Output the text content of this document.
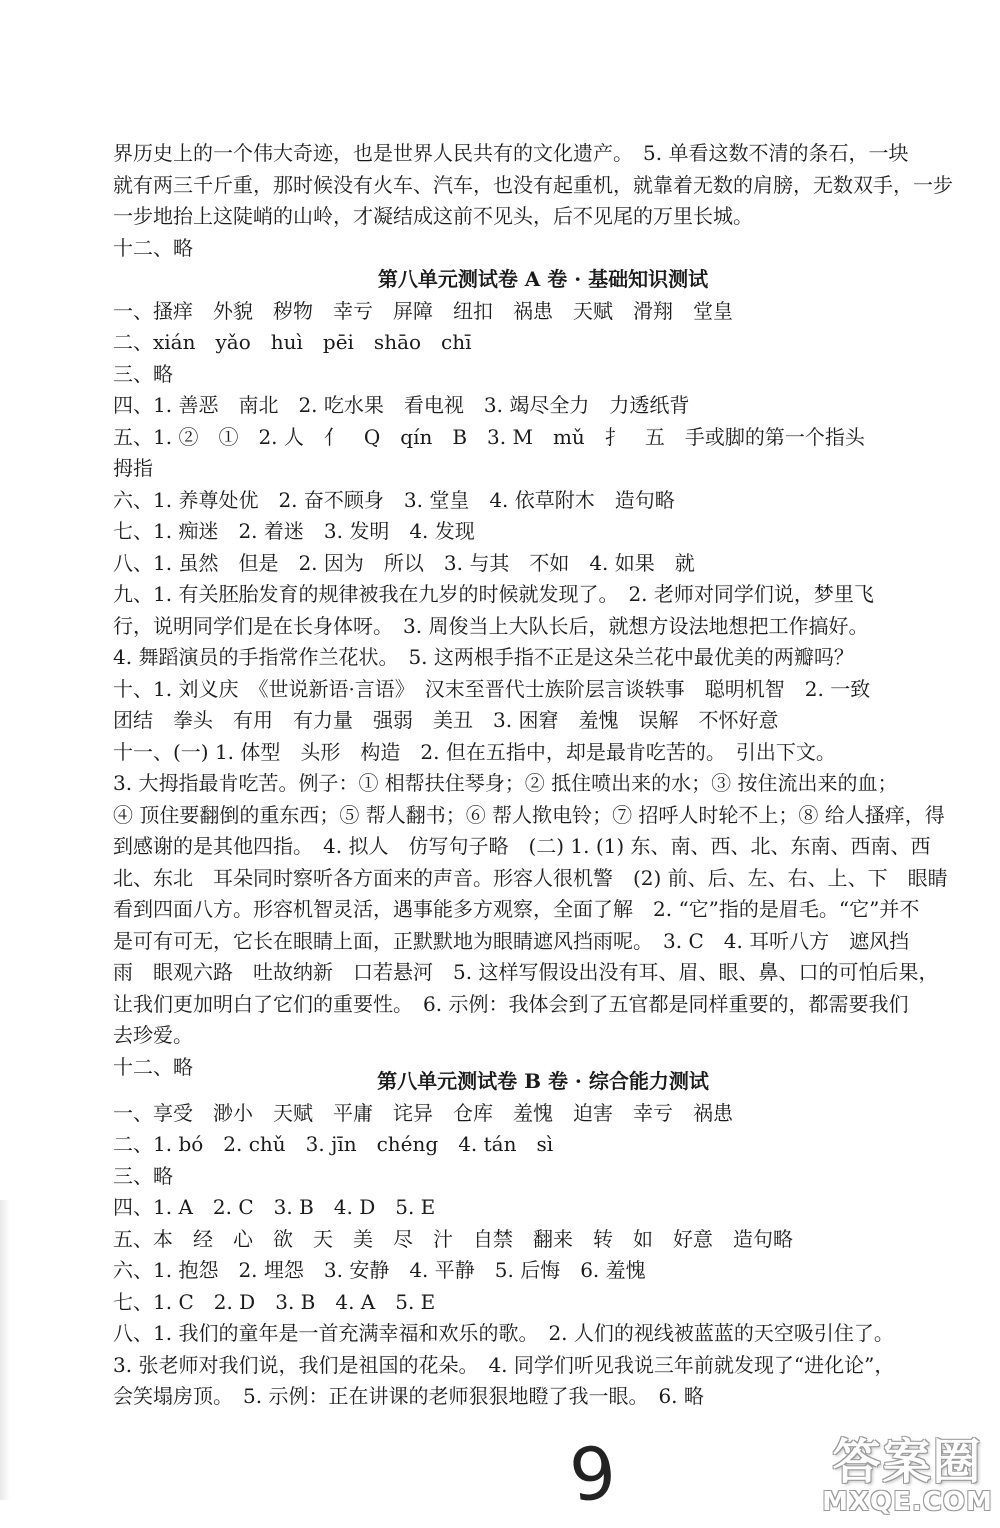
界历史上的一个伟大奇迹，也是世界人民共有的文化遗产。　5. 单看这数不清的条石，一块
就有两三千斤重，那时候没有火车、汽车，也没有起重机，就靠着无数的肩膀，无数双手，一步
一步地抬上这陡峭的山岭，才凝结成这前不见头，后不见尾的万里长城。
十二、略
第八单元测试卷 A 卷 · 基础知识测试
一、搔痒　外貌　秽物　幸亏　屏障　纽扣　祸患　天赋　滑翔　堂皇
二、xián　yǎo　huì　pēi　shāo　chī
三、略
四、1. 善恶　南北　2. 吃水果　看电视　3. 竭尽全力　力透纸背
五、1. ②　①　2. 人　亻　Q　qín　B　3. M　mǔ　扌　五　手或脚的第一个指头
拇指
六、1. 养尊处优　2. 奋不顾身　3. 堂皇　4. 依草附木　造句略
七、1. 痴迷　2. 着迷　3. 发明　4. 发现
八、1. 虽然　但是　2. 因为　所以　3. 与其　不如　4. 如果　就
九、1. 有关胚胎发育的规律被我在九岁的时候就发现了。　2. 老师对同学们说，梦里飞
行，说明同学们是在长身体呀。　3. 周俊当上大队长后，就想方设法地想把工作搞好。
4. 舞蹈演员的手指常作兰花状。　5. 这两根手指不正是这朵兰花中最优美的两瓣吗？
十、1. 刘义庆　《世说新语·言语》　汉末至晋代士族阶层言谈轶事　聪明机智　2. 一致
团结　拳头　有用　有力量　强弱　美丑　3. 困窘　羞愧　误解　不怀好意
十一、(一) 1. 体型　头形　构造　2. 但在五指中，却是最肯吃苦的。　引出下文。
3. 大拇指最肯吃苦。例子：① 相帮扶住琴身；② 抵住喷出来的水；③ 按住流出来的血；
④ 顶住要翻倒的重东西；⑤ 帮人翻书；⑥ 帮人揿电铃；⑦ 招呼人时轮不上；⑧ 给人搔痒，得
到感谢的是其他四指。　4. 拟人　仿写句子略　(二) 1. (1) 东、南、西、北、东南、西南、西
北、东北　耳朵同时察听各方面来的声音。形容人很机警　(2) 前、后、左、右、上、下　眼睛
看到四面八方。形容机智灵活，遇事能多方观察，全面了解　2. “它”指的是眉毛。“它”并不
是可有可无，它长在眼睛上面，正默默地为眼睛遮风挡雨呢。　3. C　4. 耳听八方　遮风挡
雨　眼观六路　吐故纳新　口若悬河　5. 这样写假设出没有耳、眉、眼、鼻、口的可怕后果，
让我们更加明白了它们的重要性。　6. 示例：我体会到了五官都是同样重要的，都需要我们
去珍爱。
十二、略
第八单元测试卷 B 卷 · 综合能力测试
一、享受　渺小　天赋　平庸　诧异　仓库　羞愧　迫害　幸亏　祸患
二、1. bó　2. chǔ　3. jīn　chéng　4. tán　sì
三、略
四、1. A　2. C　3. B　4. D　5. E
五、本　经　心　欲　天　美　尽　汁　自禁　翻来　转　如　好意　造句略
六、1. 抱怨　2. 埋怨　3. 安静　4. 平静　5. 后悔　6. 羞愧
七、1. C　2. D　3. B　4. A　5. E
八、1. 我们的童年是一首充满幸福和欢乐的歌。　2. 人们的视线被蓝蓝的天空吸引住了。
3. 张老师对我们说，我们是祖国的花朵。　4. 同学们听见我说三年前就发现了“进化论”，
会笑塌房顶。　5. 示例：正在讲课的老师狠狠地瞪了我一眼。　6. 略
9	答案圈
MXQE.COM
